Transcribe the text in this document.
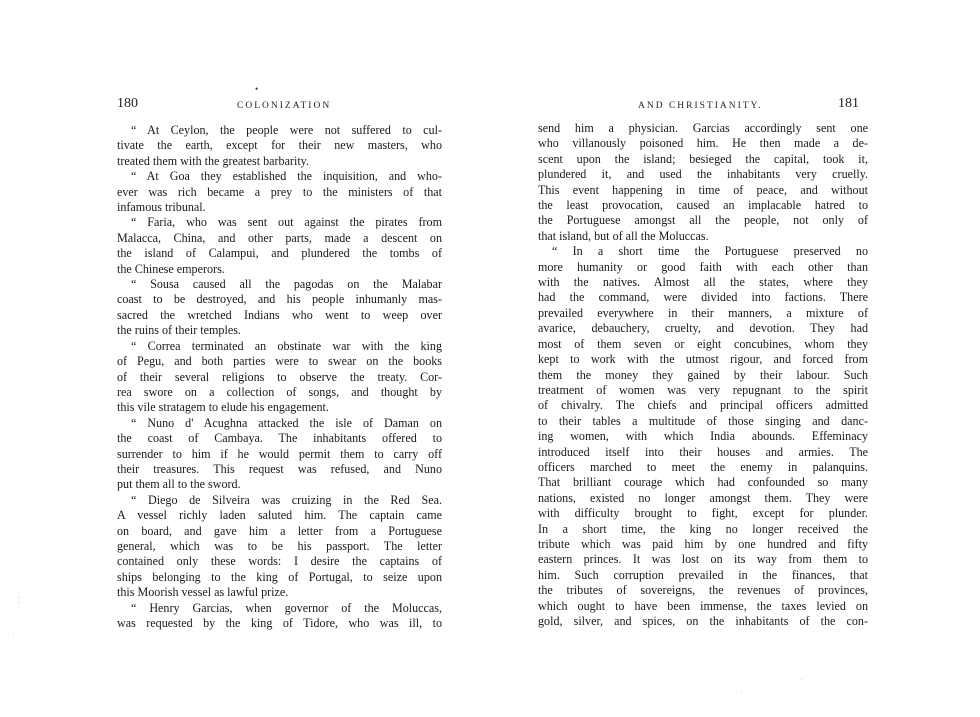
180
•
COLONIZATION
“ At Ceylon, the people were not suffered to cul-
tivate the earth, except for their new masters, who
treated them with the greatest barbarity.
“ At Goa they established the inquisition, and who-
ever was rich became a prey to the ministers of that
infamous tribunal.
“ Faria, who was sent out against the pirates from
Malacca, China, and other parts, made a descent on
the island of Calampui, and plundered the tombs of
the Chinese emperors.
“ Sousa caused all the pagodas on the Malabar
coast to be destroyed, and his people inhumanly mas-
sacred the wretched Indians who went to weep over
the ruins of their temples.
“ Correa terminated an obstinate war with the king
of Pegu, and both parties were to swear on the books
of their several religions to observe the treaty. Cor-
rea swore on a collection of songs, and thought by
this vile stratagem to elude his engagement.
“ Nuno d' Acughna attacked the isle of Daman on
the coast of Cambaya. The inhabitants offered to
surrender to him if he would permit them to carry off
their treasures. This request was refused, and Nuno
put them all to the sword.
“ Diego de Silveira was cruizing in the Red Sea.
A vessel richly laden saluted him. The captain came
on board, and gave him a letter from a Portuguese
general, which was to be his passport. The letter
contained only these words: I desire the captains of
ships belonging to the king of Portugal, to seize upon
this Moorish vessel as lawful prize.
“ Henry Garcias, when governor of the Moluccas,
was requested by the king of Tidore, who was ill, to
¦
·
AND CHRISTIANITY.	181
send him a physician. Garcias accordingly sent one
who villanously poisoned him. He then made a de-
scent upon the island; besieged the capital, took it,
plundered it, and used the inhabitants very cruelly.
This event happening in time of peace, and without
the least provocation, caused an implacable hatred to
the Portuguese amongst all the people, not only of
that island, but of all the Moluccas.
“ In a short time the Portuguese preserved no
more humanity or good faith with each other than
with the natives. Almost all the states, where they
had the command, were divided into factions. There
prevailed everywhere in their manners, a mixture of
avarice, debauchery, cruelty, and devotion. They had
most of them seven or eight concubines, whom they
kept to work with the utmost rigour, and forced from
them the money they gained by their labour. Such
treatment of women was very repugnant to the spirit
of chivalry. The chiefs and principal officers admitted
to their tables a multitude of those singing and danc-
ing women, with which India abounds. Effeminacy
introduced itself into their houses and armies. The
officers marched to meet the enemy in palanquins.
That brilliant courage which had confounded so many
nations, existed no longer amongst them. They were
with difficulty brought to fight, except for plunder.
In a short time, the king no longer received the
tribute which was paid him by one hundred and fifty
eastern princes. It was lost on its way from them to
him. Such corruption prevailed in the finances, that
the tributes of sovereigns, the revenues of provinces,
which ought to have been immense, the taxes levied on
gold, silver, and spices, on the inhabitants of the con-
·
·
